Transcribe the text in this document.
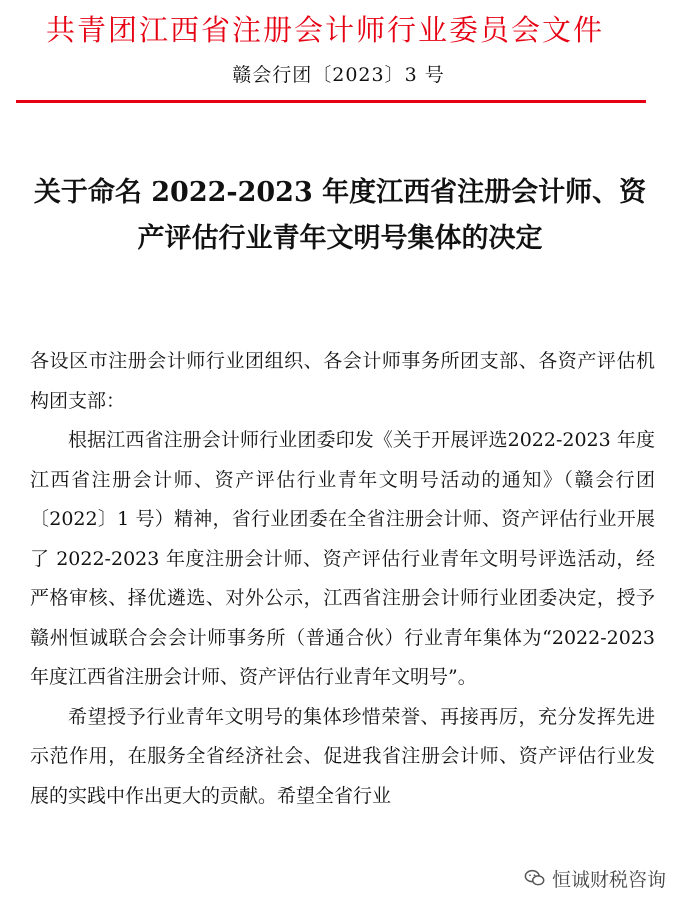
共青团江西省注册会计师行业委员会文件
赣会行团〔2023〕3 号
关于命名 2022-2023 年度江西省注册会计师、资
产评估行业青年文明号集体的决定

各设区市注册会计师行业团组织、各会计师事务所团支部、各资产评估机构团支部：

根据江西省注册会计师行业团委印发《关于开展评选2022-2023 年度江西省注册会计师、资产评估行业青年文明号活动的通知》（赣会行团〔2022〕1 号）精神，省行业团委在全省注册会计师、资产评估行业开展了 2022-2023 年度注册会计师、资产评估行业青年文明号评选活动，经严格审核、择优遴选、对外公示，江西省注册会计师行业团委决定，授予赣州恒诚联合会会计师事务所（普通合伙）行业青年集体为“2022-2023 年度江西省注册会计师、资产评估行业青年文明号”。

希望授予行业青年文明号的集体珍惜荣誉、再接再厉，充分发挥先进示范作用，在服务全省经济社会、促进我省注册会计师、资产评估行业发展的实践中作出更大的贡献。希望全省行业

恒诚财税咨询
